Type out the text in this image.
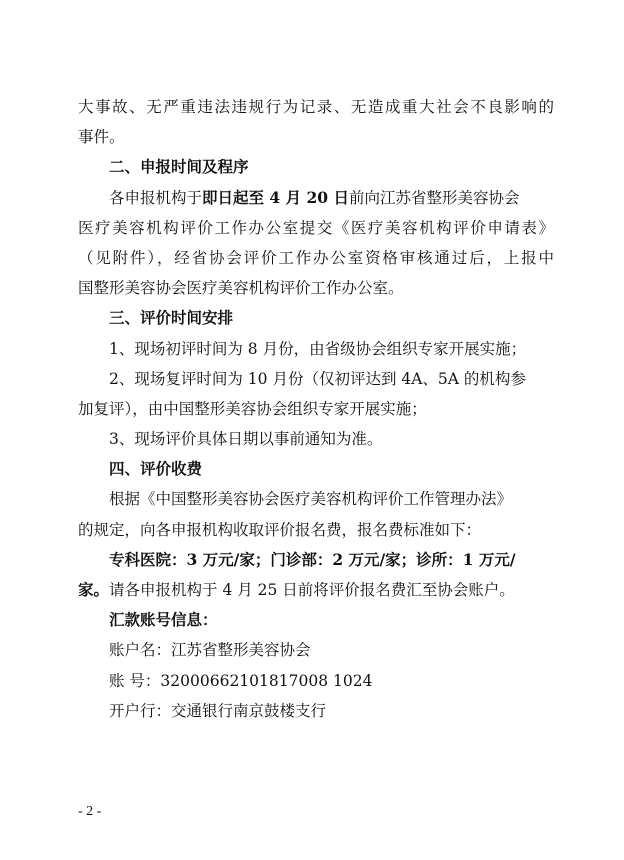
大事故、无严重违法违规行为记录、无造成重大社会不良影响的
事件。
二、申报时间及程序
各申报机构于即日起至 4 月 20 日前向江苏省整形美容协会
医疗美容机构评价工作办公室提交《医疗美容机构评价申请表》
（见附件），经省协会评价工作办公室资格审核通过后，上报中
国整形美容协会医疗美容机构评价工作办公室。
三、评价时间安排
1、现场初评时间为 8 月份，由省级协会组织专家开展实施；
2、现场复评时间为 10 月份（仅初评达到 4A、5A 的机构参
加复评），由中国整形美容协会组织专家开展实施；
3、现场评价具体日期以事前通知为准。
四、评价收费
根据《中国整形美容协会医疗美容机构评价工作管理办法》
的规定，向各申报机构收取评价报名费，报名费标准如下：
专科医院：3 万元/家；门诊部：2 万元/家；诊所：1 万元/
家。请各申报机构于 4 月 25 日前将评价报名费汇至协会账户。
汇款账号信息：
账户名：江苏省整形美容协会
账 号：32000662101817008 1024
开户行：交通银行南京鼓楼支行
- 2 -
